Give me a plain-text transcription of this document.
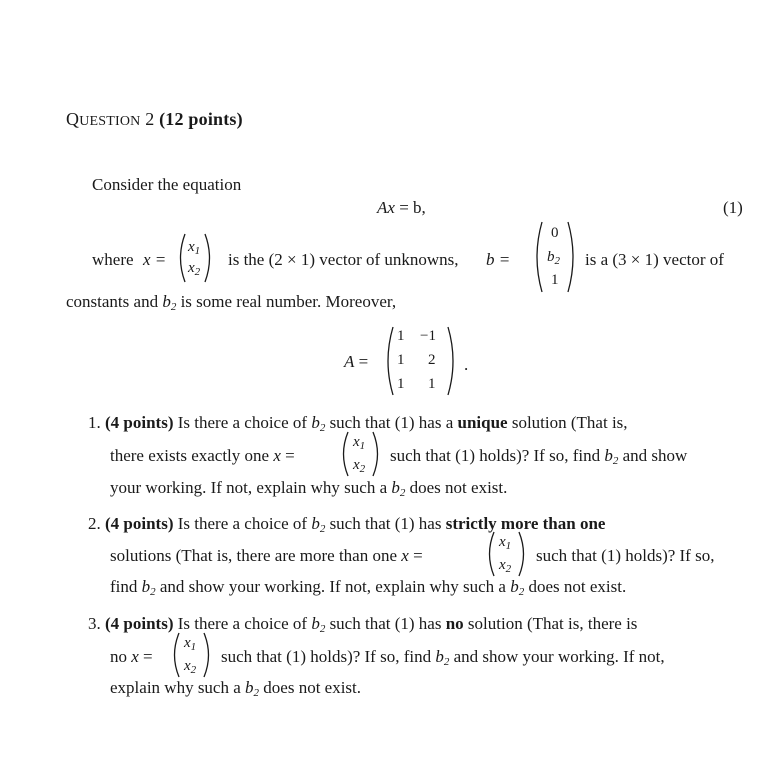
QUESTION 2 (12 points)
Consider the equation
Ax = b,	(1)
where x =
$x_1$
$x_2$
is the (2 × 1) vector of unknowns, b =
0
$b_2$
1
is a (3 × 1) vector of
constants and $b_2$ is some real number. Moreover,
A =
1 −1
1 2
1 1
.
1. (4 points) Is there a choice of $b_2$ such that (1) has a unique solution (That is,
there exists exactly one x =
$x_1$
$x_2$
such that (1) holds)? If so, find $b_2$ and show
your working. If not, explain why such a $b_2$ does not exist.
2. (4 points) Is there a choice of $b_2$ such that (1) has strictly more than one
solutions (That is, there are more than one x =
$x_1$
$x_2$
such that (1) holds)? If so,
find $b_2$ and show your working. If not, explain why such a $b_2$ does not exist.
3. (4 points) Is there a choice of $b_2$ such that (1) has no solution (That is, there is
no x =
$x_1$
$x_2$
such that (1) holds)? If so, find $b_2$ and show your working. If not,
explain why such a $b_2$ does not exist.
